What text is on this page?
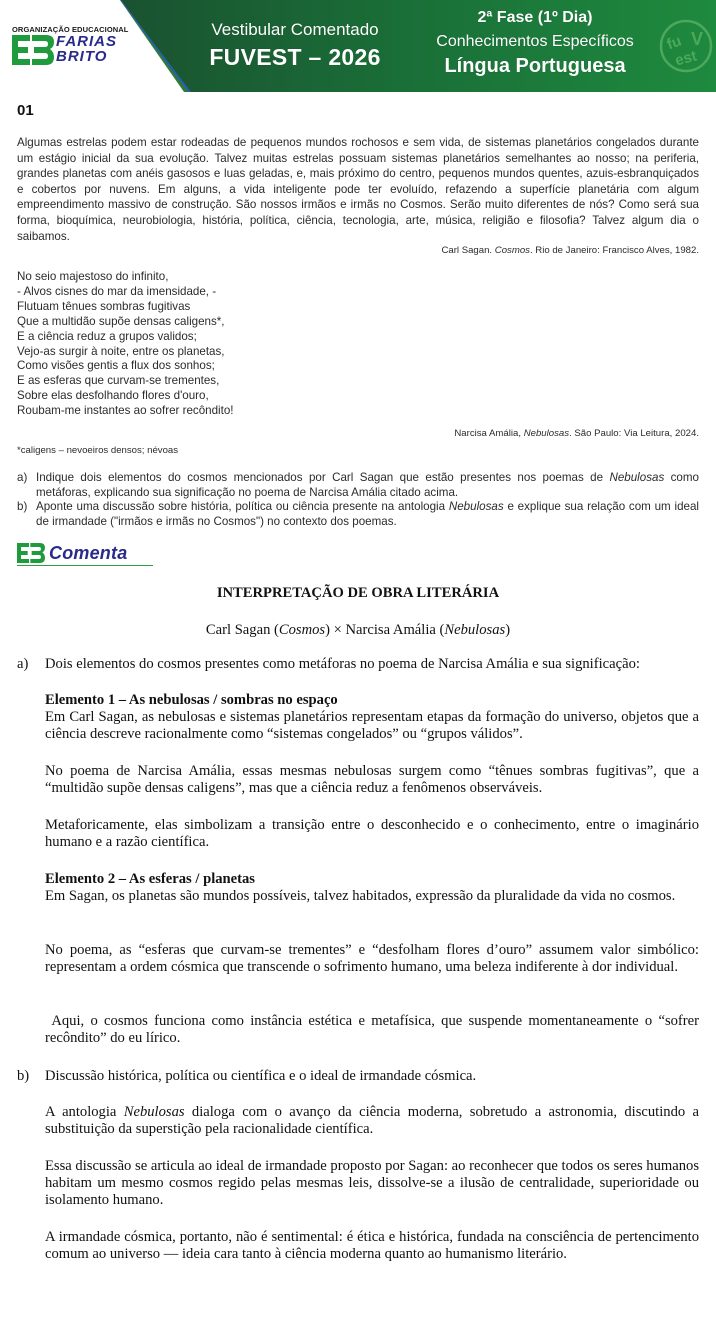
ORGANIZAÇÃO EDUCACIONAL
FARIAS
BRITO
Vestibular Comentado
FUVEST – 2026
2ª Fase (1º Dia)
Conhecimentos Específicos
Língua Portuguesa
fu V
est
01
Algumas estrelas podem estar rodeadas de pequenos mundos rochosos e sem vida, de sistemas planetários congelados durante um estágio inicial da sua evolução. Talvez muitas estrelas possuam sistemas planetários semelhantes ao nosso; na periferia, grandes planetas com anéis gasosos e luas geladas, e, mais próximo do centro, pequenos mundos quentes, azuis-esbranquiçados e cobertos por nuvens. Em alguns, a vida inteligente pode ter evoluído, refazendo a superfície planetária com algum empreendimento massivo de construção. São nossos irmãos e irmãs no Cosmos. Serão muito diferentes de nós? Como será sua forma, bioquímica, neurobiologia, história, política, ciência, tecnologia, arte, música, religião e filosofia? Talvez algum dia o saibamos.
Carl Sagan. Cosmos. Rio de Janeiro: Francisco Alves, 1982.
No seio majestoso do infinito,
- Alvos cisnes do mar da imensidade, -
Flutuam tênues sombras fugitivas
Que a multidão supõe densas caligens*,
E a ciência reduz a grupos validos;
Vejo-as surgir à noite, entre os planetas,
Como visões gentis a flux dos sonhos;
E as esferas que curvam-se trementes,
Sobre elas desfolhando flores d'ouro,
Roubam-me instantes ao sofrer recôndito!
Narcisa Amália, Nebulosas. São Paulo: Via Leitura, 2024.
*caligens – nevoeiros densos; névoas
a) Indique dois elementos do cosmos mencionados por Carl Sagan que estão presentes nos poemas de Nebulosas como metáforas, explicando sua significação no poema de Narcisa Amália citado acima.
b) Aponte uma discussão sobre história, política ou ciência presente na antologia Nebulosas e explique sua relação com um ideal de irmandade ("irmãos e irmãs no Cosmos") no contexto dos poemas.
Comenta
INTERPRETAÇÃO DE OBRA LITERÁRIA
Carl Sagan (Cosmos) × Narcisa Amália (Nebulosas)
a)	Dois elementos do cosmos presentes como metáforas no poema de Narcisa Amália e sua significação:

Elemento 1 – As nebulosas / sombras no espaço

Em Carl Sagan, as nebulosas e sistemas planetários representam etapas da formação do universo, objetos que a ciência descreve racionalmente como “sistemas congelados” ou “grupos válidos”.

No poema de Narcisa Amália, essas mesmas nebulosas surgem como “tênues sombras fugitivas”, que a “multidão supõe densas caligens”, mas que a ciência reduz a fenômenos observáveis.

Metaforicamente, elas simbolizam a transição entre o desconhecido e o conhecimento, entre o imaginário humano e a razão científica.

Elemento 2 – As esferas / planetas

Em Sagan, os planetas são mundos possíveis, talvez habitados, expressão da pluralidade da vida no cosmos.

No poema, as “esferas que curvam-se trementes” e “desfolham flores d’ouro” assumem valor simbólico: representam a ordem cósmica que transcende o sofrimento humano, uma beleza indiferente à dor individual.

Aqui, o cosmos funciona como instância estética e metafísica, que suspende momentaneamente o “sofrer recôndito” do eu lírico.

b)	Discussão histórica, política ou científica e o ideal de irmandade cósmica.

A antologia Nebulosas dialoga com o avanço da ciência moderna, sobretudo a astronomia, discutindo a substituição da superstição pela racionalidade científica.

Essa discussão se articula ao ideal de irmandade proposto por Sagan: ao reconhecer que todos os seres humanos habitam um mesmo cosmos regido pelas mesmas leis, dissolve-se a ilusão de centralidade, superioridade ou isolamento humano.

A irmandade cósmica, portanto, não é sentimental: é ética e histórica, fundada na consciência de pertencimento comum ao universo — ideia cara tanto à ciência moderna quanto ao humanismo literário.
